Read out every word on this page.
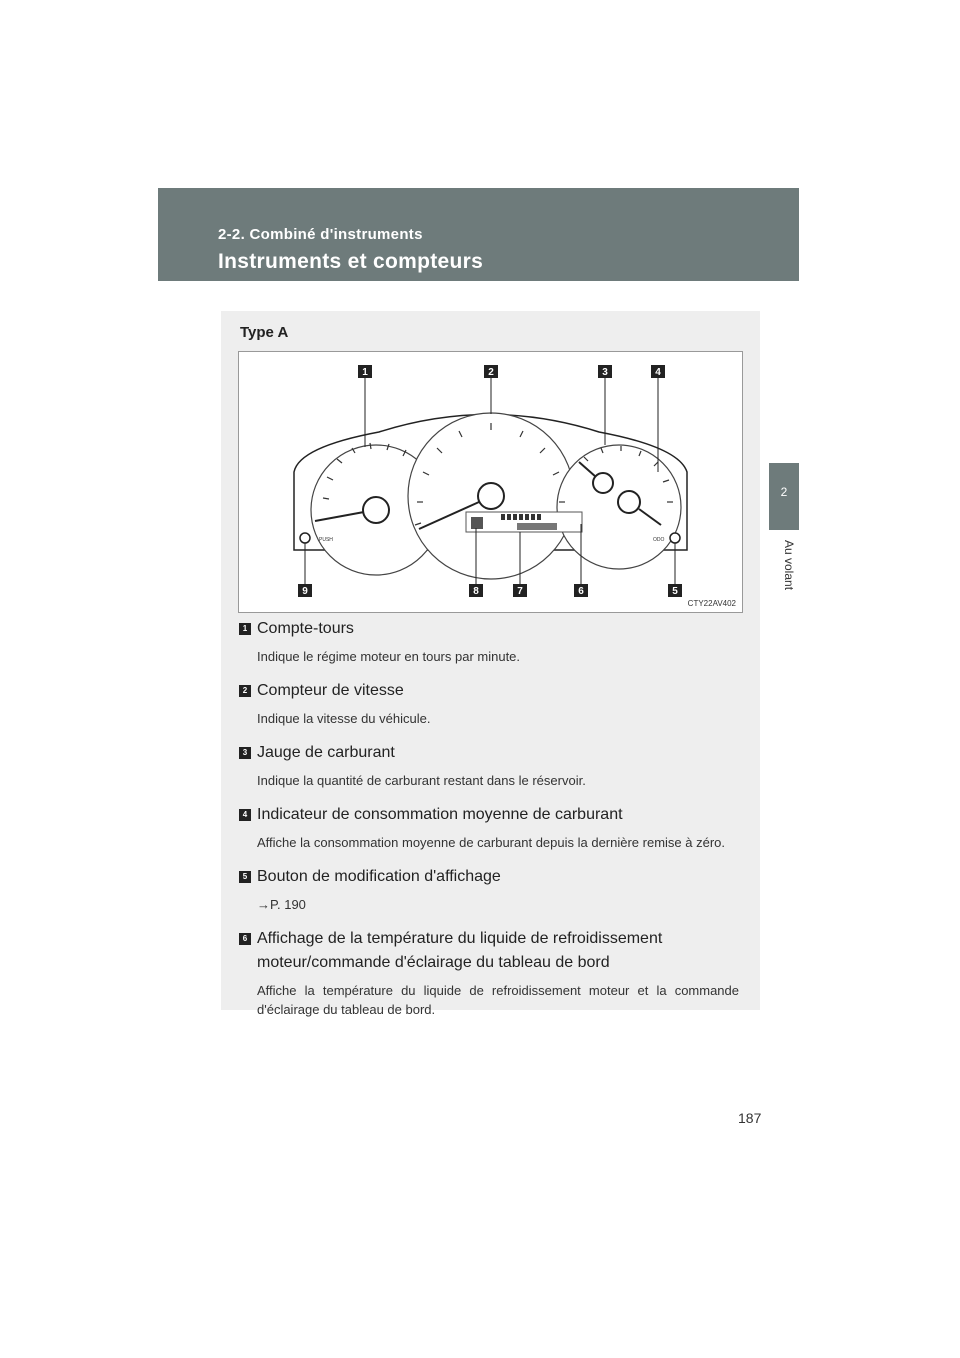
2-2. Combiné d'instruments
Instruments et compteurs
2
Au volant
Type A
PUSH	ODO
1	2	3	4
5
6
7
8
9
CTY22AV402
1 Compte-tours
Indique le régime moteur en tours par minute.
2 Compteur de vitesse
Indique la vitesse du véhicule.
3 Jauge de carburant
Indique la quantité de carburant restant dans le réservoir.
4 Indicateur de consommation moyenne de carburant
Affiche la consommation moyenne de carburant depuis la dernière remise à zéro.
5 Bouton de modification d'affichage
→P. 190
6 Affichage de la température du liquide de refroidissement moteur/commande d'éclairage du tableau de bord
Affiche la température du liquide de refroidissement moteur et la commande d'éclairage du tableau de bord.
187
